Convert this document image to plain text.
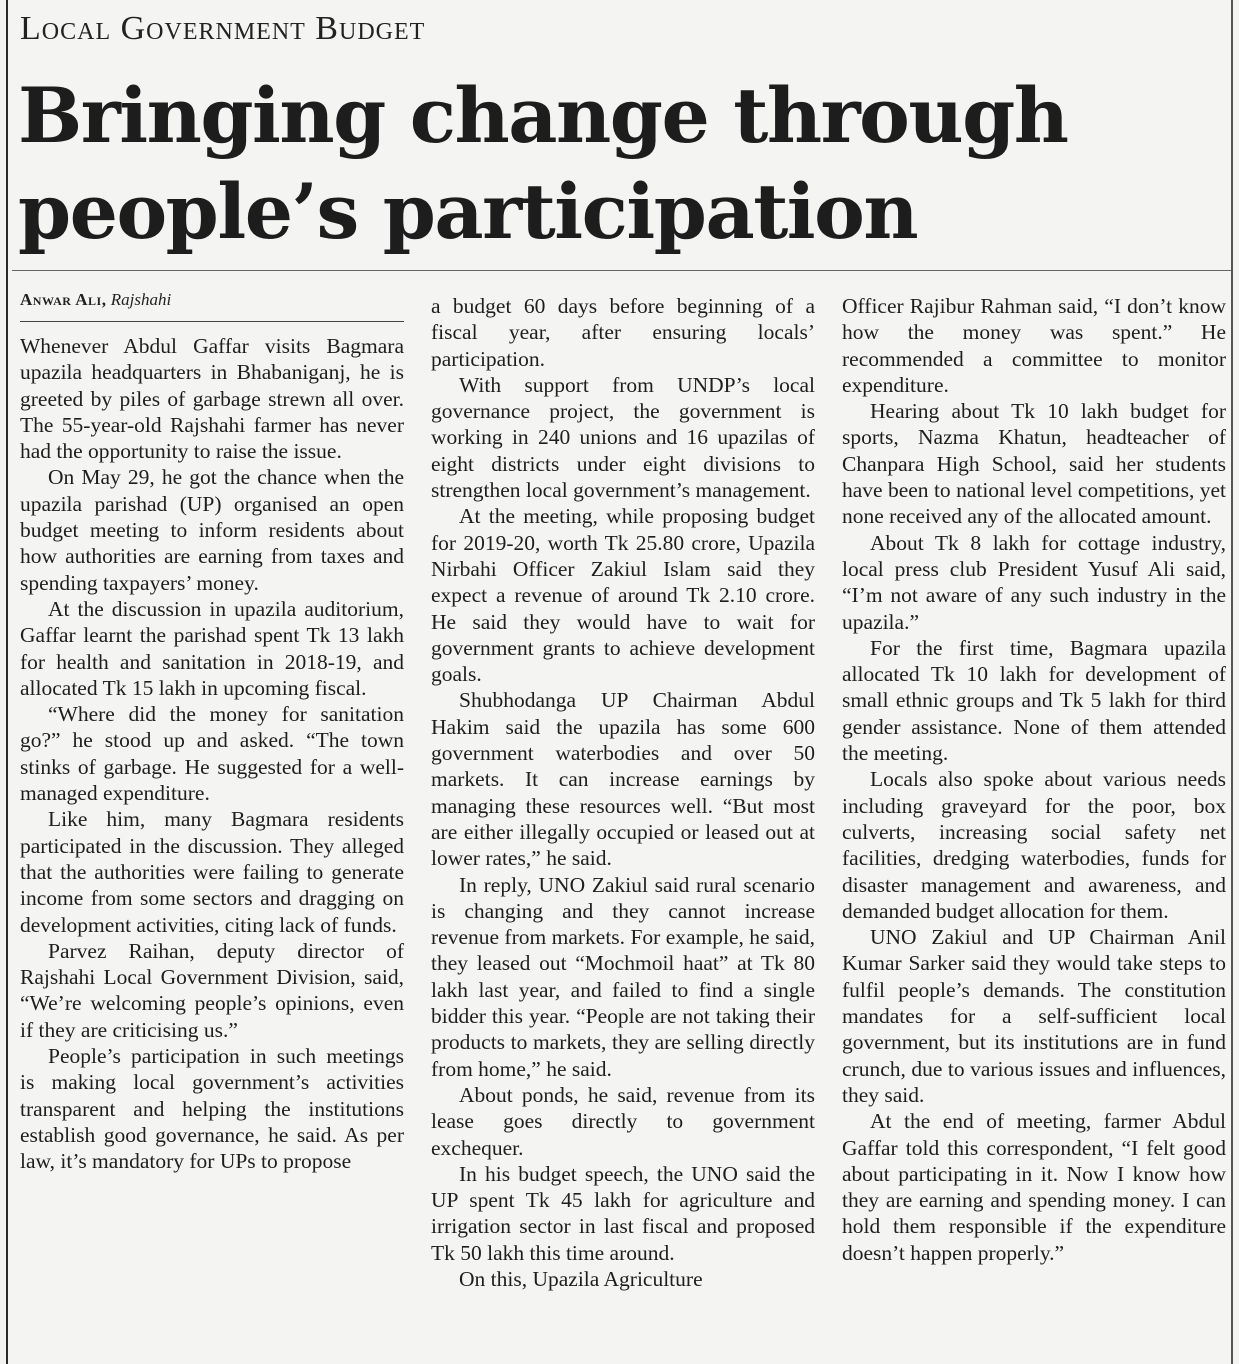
Local Government Budget
Bringing change through
people’s participation
Anwar Ali, Rajshahi

Whenever Abdul Gaffar visits Bagmara upazila headquarters in Bhabaniganj, he is greeted by piles of garbage strewn all over. The 55-year-old Rajshahi farmer has never had the opportunity to raise the issue.

On May 29, he got the chance when the upazila parishad (UP) organised an open budget meeting to inform residents about how authorities are earning from taxes and spending taxpayers’ money.

At the discussion in upazila auditorium, Gaffar learnt the parishad spent Tk 13 lakh for health and sanitation in 2018-19, and allocated Tk 15 lakh in upcoming fiscal.

“Where did the money for sanitation go?” he stood up and asked. “The town stinks of garbage. He suggested for a well-managed expenditure.

Like him, many Bagmara residents participated in the discussion. They alleged that the authorities were failing to generate income from some sectors and dragging on development activities, citing lack of funds.

Parvez Raihan, deputy director of Rajshahi Local Government Division, said, “We’re welcoming people’s opinions, even if they are criticising us.”

People’s participation in such meetings is making local government’s activities transparent and helping the institutions establish good governance, he said. As per law, it’s mandatory for UPs to propose

a budget 60 days before beginning of a fiscal year, after ensuring locals’ participation.

With support from UNDP’s local governance project, the government is working in 240 unions and 16 upazilas of eight districts under eight divisions to strengthen local government’s management.

At the meeting, while proposing budget for 2019-20, worth Tk 25.80 crore, Upazila Nirbahi Officer Zakiul Islam said they expect a revenue of around Tk 2.10 crore. He said they would have to wait for government grants to achieve development goals.

Shubhodanga UP Chairman Abdul Hakim said the upazila has some 600 government waterbodies and over 50 markets. It can increase earnings by managing these resources well. “But most are either illegally occupied or leased out at lower rates,” he said.

In reply, UNO Zakiul said rural scenario is changing and they cannot increase revenue from markets. For example, he said, they leased out “Mochmoil haat” at Tk 80 lakh last year, and failed to find a single bidder this year. “People are not taking their products to markets, they are selling directly from home,” he said.

About ponds, he said, revenue from its lease goes directly to government exchequer.

In his budget speech, the UNO said the UP spent Tk 45 lakh for agriculture and irrigation sector in last fiscal and proposed Tk 50 lakh this time around.

On this, Upazila Agriculture

Officer Rajibur Rahman said, “I don’t know how the money was spent.” He recommended a committee to monitor expenditure.

Hearing about Tk 10 lakh budget for sports, Nazma Khatun, headteacher of Chanpara High School, said her students have been to national level competitions, yet none received any of the allocated amount.

About Tk 8 lakh for cottage industry, local press club President Yusuf Ali said, “I’m not aware of any such industry in the upazila.”

For the first time, Bagmara upazila allocated Tk 10 lakh for development of small ethnic groups and Tk 5 lakh for third gender assistance. None of them attended the meeting.

Locals also spoke about various needs including graveyard for the poor, box culverts, increasing social safety net facilities, dredging waterbodies, funds for disaster management and awareness, and demanded budget allocation for them.

UNO Zakiul and UP Chairman Anil Kumar Sarker said they would take steps to fulfil people’s demands. The constitution mandates for a self-sufficient local government, but its institutions are in fund crunch, due to various issues and influences, they said.

At the end of meeting, farmer Abdul Gaffar told this correspondent, “I felt good about participating in it. Now I know how they are earning and spending money. I can hold them responsible if the expenditure doesn’t happen properly.”
